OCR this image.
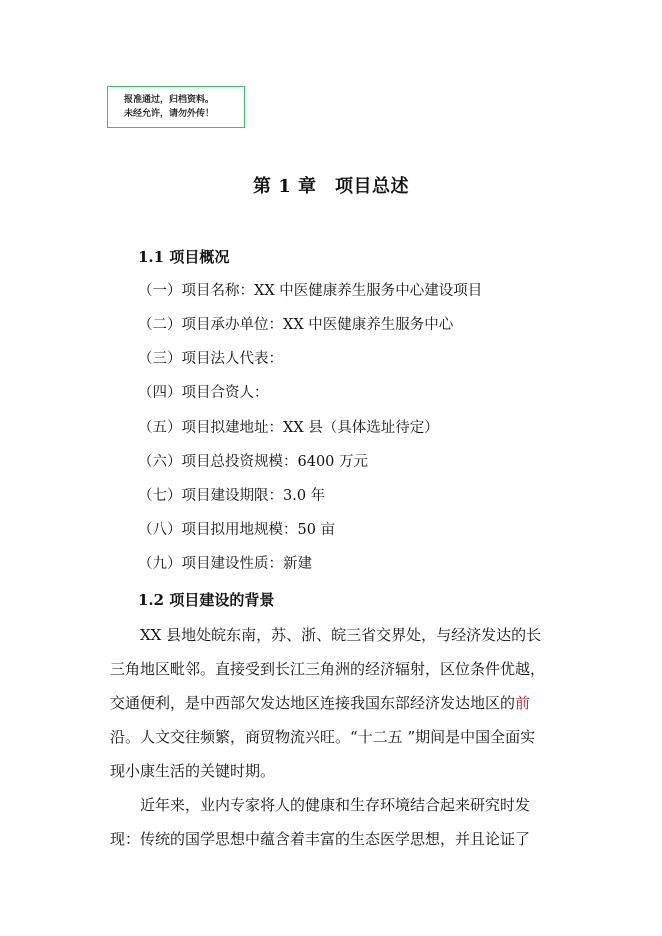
报准通过，归档资料。
未经允许，请勿外传！
第 1 章　项目总述
1.1 项目概况
（一）项目名称：XX 中医健康养生服务中心建设项目
（二）项目承办单位：XX 中医健康养生服务中心
（三）项目法人代表：
（四）项目合资人：
（五）项目拟建地址：XX 县（具体选址待定）
（六）项目总投资规模：6400 万元
（七）项目建设期限：3.0 年
（八）项目拟用地规模：50 亩
（九）项目建设性质：新建
1.2 项目建设的背景
XX 县地处皖东南，苏、浙、皖三省交界处，与经济发达的长
三角地区毗邻。直接受到长江三角洲的经济辐射，区位条件优越，
交通便利，是中西部欠发达地区连接我国东部经济发达地区的前
沿。人文交往频繁，商贸物流兴旺。“十二五 ”期间是中国全面实
现小康生活的关键时期。
近年来，业内专家将人的健康和生存环境结合起来研究时发
现：传统的国学思想中蕴含着丰富的生态医学思想，并且论证了
